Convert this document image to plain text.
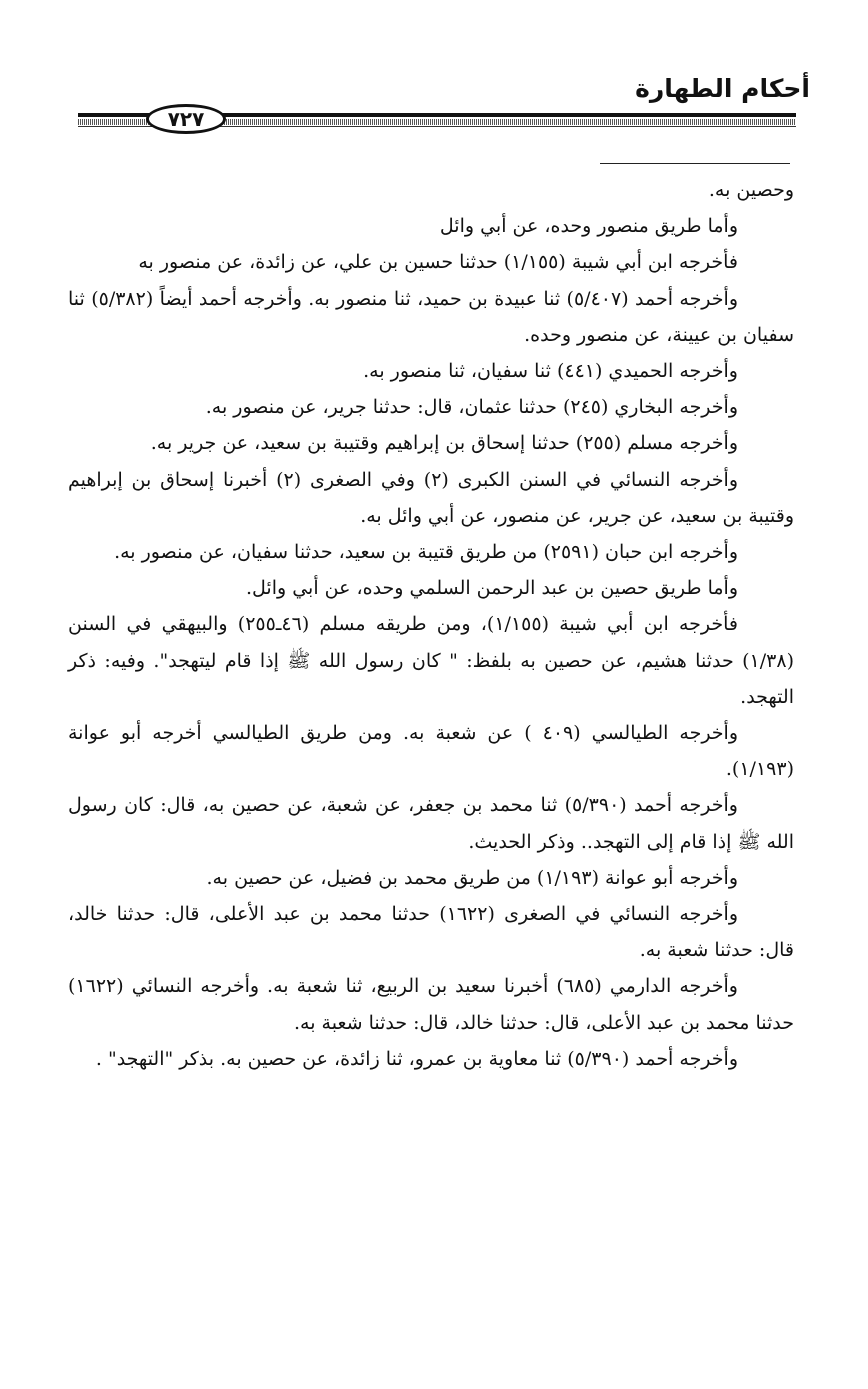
أحكام الطهارة
٧٢٧

وحصين به.

وأما طريق منصور وحده، عن أبي وائل

فأخرجه ابن أبي شيبة (١/١٥٥) حدثنا حسين بن علي، عن زائدة، عن منصور به

وأخرجه أحمد (٥/٤٠٧) ثنا عبيدة بن حميد، ثنا منصور به. وأخرجه أحمد أيضاً (٥/٣٨٢) ثنا سفيان بن عيينة، عن منصور وحده.

وأخرجه الحميدي (٤٤١) ثنا سفيان، ثنا منصور به.

وأخرجه البخاري (٢٤٥) حدثنا عثمان، قال: حدثنا جرير، عن منصور به.

وأخرجه مسلم (٢٥٥) حدثنا إسحاق بن إبراهيم وقتيبة بن سعيد، عن جرير به.

وأخرجه النسائي في السنن الكبرى (٢) وفي الصغرى (٢) أخبرنا إسحاق بن إبراهيم وقتيبة بن سعيد، عن جرير، عن منصور، عن أبي وائل به.

وأخرجه ابن حبان (٢٥٩١) من طريق قتيبة بن سعيد، حدثنا سفيان، عن منصور به.

وأما طريق حصين بن عبد الرحمن السلمي وحده، عن أبي وائل.

فأخرجه ابن أبي شيبة (١/١٥٥)، ومن طريقه مسلم (٤٦ـ٢٥٥) والبيهقي في السنن (١/٣٨) حدثنا هشيم، عن حصين به بلفظ: " كان رسول الله ﷺ إذا قام ليتهجد". وفيه: ذكر التهجد.

وأخرجه الطيالسي (٤٠٩ ) عن شعبة به. ومن طريق الطيالسي أخرجه أبو عوانة (١/١٩٣).

وأخرجه أحمد (٥/٣٩٠) ثنا محمد بن جعفر، عن شعبة، عن حصين به، قال: كان رسول الله ﷺ إذا قام إلى التهجد.. وذكر الحديث.

وأخرجه أبو عوانة (١/١٩٣) من طريق محمد بن فضيل، عن حصين به.

وأخرجه النسائي في الصغرى (١٦٢٢) حدثنا محمد بن عبد الأعلى، قال: حدثنا خالد، قال: حدثنا شعبة به.

وأخرجه الدارمي (٦٨٥) أخبرنا سعيد بن الربيع، ثنا شعبة به. وأخرجه النسائي (١٦٢٢) حدثنا محمد بن عبد الأعلى، قال: حدثنا خالد، قال: حدثنا شعبة به.

وأخرجه أحمد (٥/٣٩٠) ثنا معاوية بن عمرو، ثنا زائدة، عن حصين به. بذكر "التهجد" .
